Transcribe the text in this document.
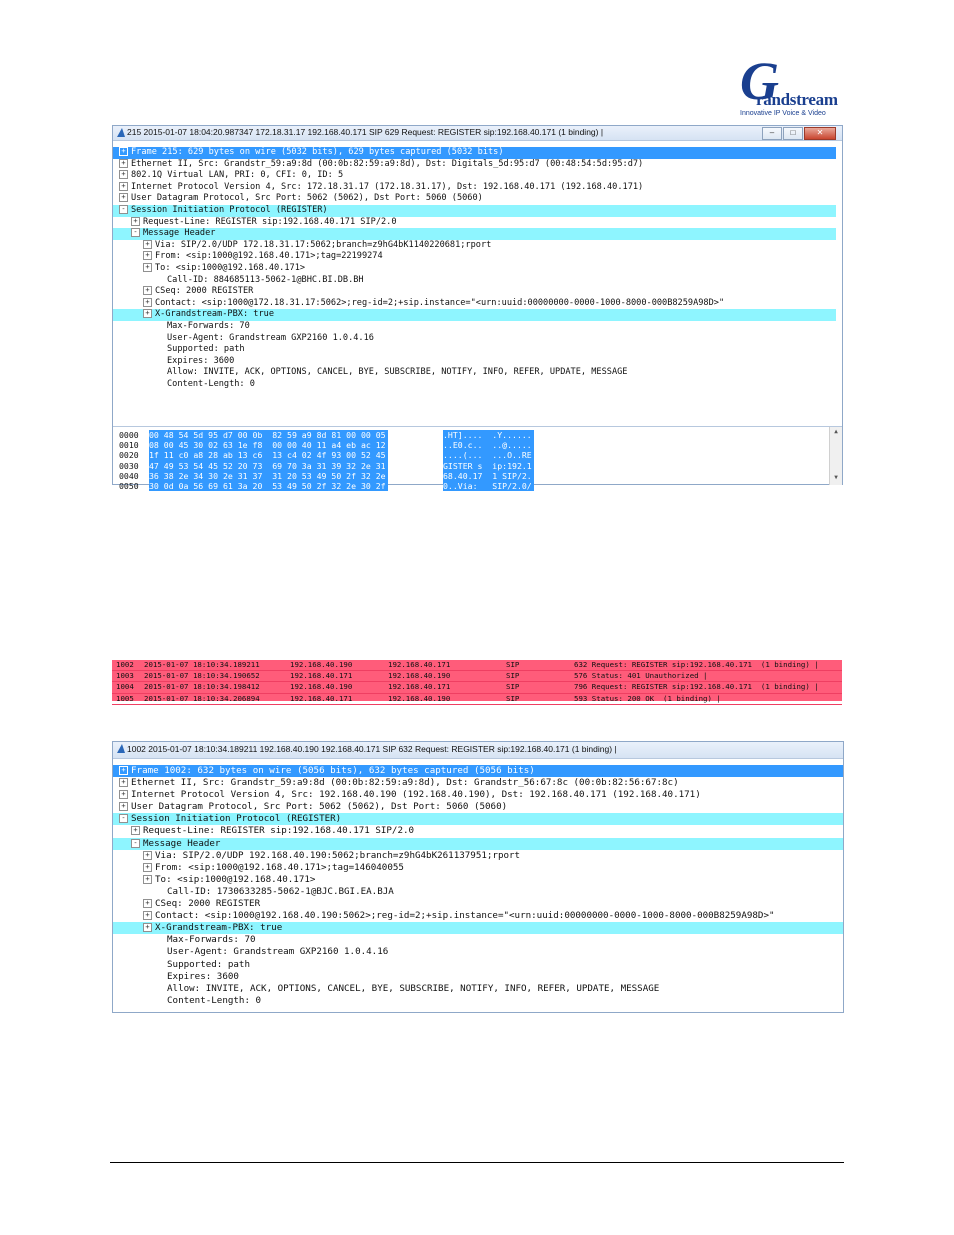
G
randstream
Innovative IP Voice & Video
215 2015-01-07 18:04:20.987347 172.18.31.17 192.168.40.171 SIP 629 Request: REGISTER sip:192.168.40.171 (1 binding) |	–	□	✕
+ Frame 215: 629 bytes on wire (5032 bits), 629 bytes captured (5032 bits)
+ Ethernet II, Src: Grandstr_59:a9:8d (00:0b:82:59:a9:8d), Dst: Digitals_5d:95:d7 (00:48:54:5d:95:d7)
+ 802.1Q Virtual LAN, PRI: 0, CFI: 0, ID: 5
+ Internet Protocol Version 4, Src: 172.18.31.17 (172.18.31.17), Dst: 192.168.40.171 (192.168.40.171)
+ User Datagram Protocol, Src Port: 5062 (5062), Dst Port: 5060 (5060)
- Session Initiation Protocol (REGISTER)
+ Request-Line: REGISTER sip:192.168.40.171 SIP/2.0
- Message Header
+ Via: SIP/2.0/UDP 172.18.31.17:5062;branch=z9hG4bK1140220681;rport
+ From: <sip:1000@192.168.40.171>;tag=22199274
+ To: <sip:1000@192.168.40.171>
Call-ID: 884685113-5062-1@BHC.BI.DB.BH
+ CSeq: 2000 REGISTER
+ Contact: <sip:1000@172.18.31.17:5062>;reg-id=2;+sip.instance="<urn:uuid:00000000-0000-1000-8000-000B8259A98D>"
+ X-Grandstream-PBX: true
Max-Forwards: 70
User-Agent: Grandstream GXP2160 1.0.4.16
Supported: path
Expires: 3600
Allow: INVITE, ACK, OPTIONS, CANCEL, BYE, SUBSCRIBE, NOTIFY, INFO, REFER, UPDATE, MESSAGE
Content-Length: 0
0000 00 48 54 5d 95 d7 00 0b  82 59 a9 8d 81 00 00 05	.HT]....  .Y......
0010 08 00 45 30 02 63 1e f8  00 00 40 11 a4 eb ac 12	..E0.c..  ..@.....
0020 1f 11 c0 a8 28 ab 13 c6  13 c4 02 4f 93 00 52 45	....(...  ...O..RE
0030 47 49 53 54 45 52 20 73  69 70 3a 31 39 32 2e 31	GISTER s  ip:192.1
0040 36 38 2e 34 30 2e 31 37  31 20 53 49 50 2f 32 2e	68.40.17  1 SIP/2.
0050 30 0d 0a 56 69 61 3a 20  53 49 50 2f 32 2e 30 2f	0..Via:   SIP/2.0/
▲
▼
1002 2015-01-07 18:10:34.189211	192.168.40.190	192.168.40.171	SIP	632 Request: REGISTER sip:192.168.40.171  (1 binding) |
1003 2015-01-07 18:10:34.190652	192.168.40.171	192.168.40.190	SIP	576 Status: 401 Unauthorized |
1004 2015-01-07 18:10:34.198412	192.168.40.190	192.168.40.171	SIP	796 Request: REGISTER sip:192.168.40.171  (1 binding) |
1005 2015-01-07 18:10:34.206894	192.168.40.171	192.168.40.190	SIP	593 Status: 200 OK  (1 binding) |
1002 2015-01-07 18:10:34.189211 192.168.40.190 192.168.40.171 SIP 632 Request: REGISTER sip:192.168.40.171 (1 binding) |
+ Frame 1002: 632 bytes on wire (5056 bits), 632 bytes captured (5056 bits)
+ Ethernet II, Src: Grandstr_59:a9:8d (00:0b:82:59:a9:8d), Dst: Grandstr_56:67:8c (00:0b:82:56:67:8c)
+ Internet Protocol Version 4, Src: 192.168.40.190 (192.168.40.190), Dst: 192.168.40.171 (192.168.40.171)
+ User Datagram Protocol, Src Port: 5062 (5062), Dst Port: 5060 (5060)
- Session Initiation Protocol (REGISTER)
+ Request-Line: REGISTER sip:192.168.40.171 SIP/2.0
- Message Header
+ Via: SIP/2.0/UDP 192.168.40.190:5062;branch=z9hG4bK261137951;rport
+ From: <sip:1000@192.168.40.171>;tag=146040055
+ To: <sip:1000@192.168.40.171>
Call-ID: 1730633285-5062-1@BJC.BGI.EA.BJA
+ CSeq: 2000 REGISTER
+ Contact: <sip:1000@192.168.40.190:5062>;reg-id=2;+sip.instance="<urn:uuid:00000000-0000-1000-8000-000B8259A98D>"
+ X-Grandstream-PBX: true
Max-Forwards: 70
User-Agent: Grandstream GXP2160 1.0.4.16
Supported: path
Expires: 3600
Allow: INVITE, ACK, OPTIONS, CANCEL, BYE, SUBSCRIBE, NOTIFY, INFO, REFER, UPDATE, MESSAGE
Content-Length: 0
